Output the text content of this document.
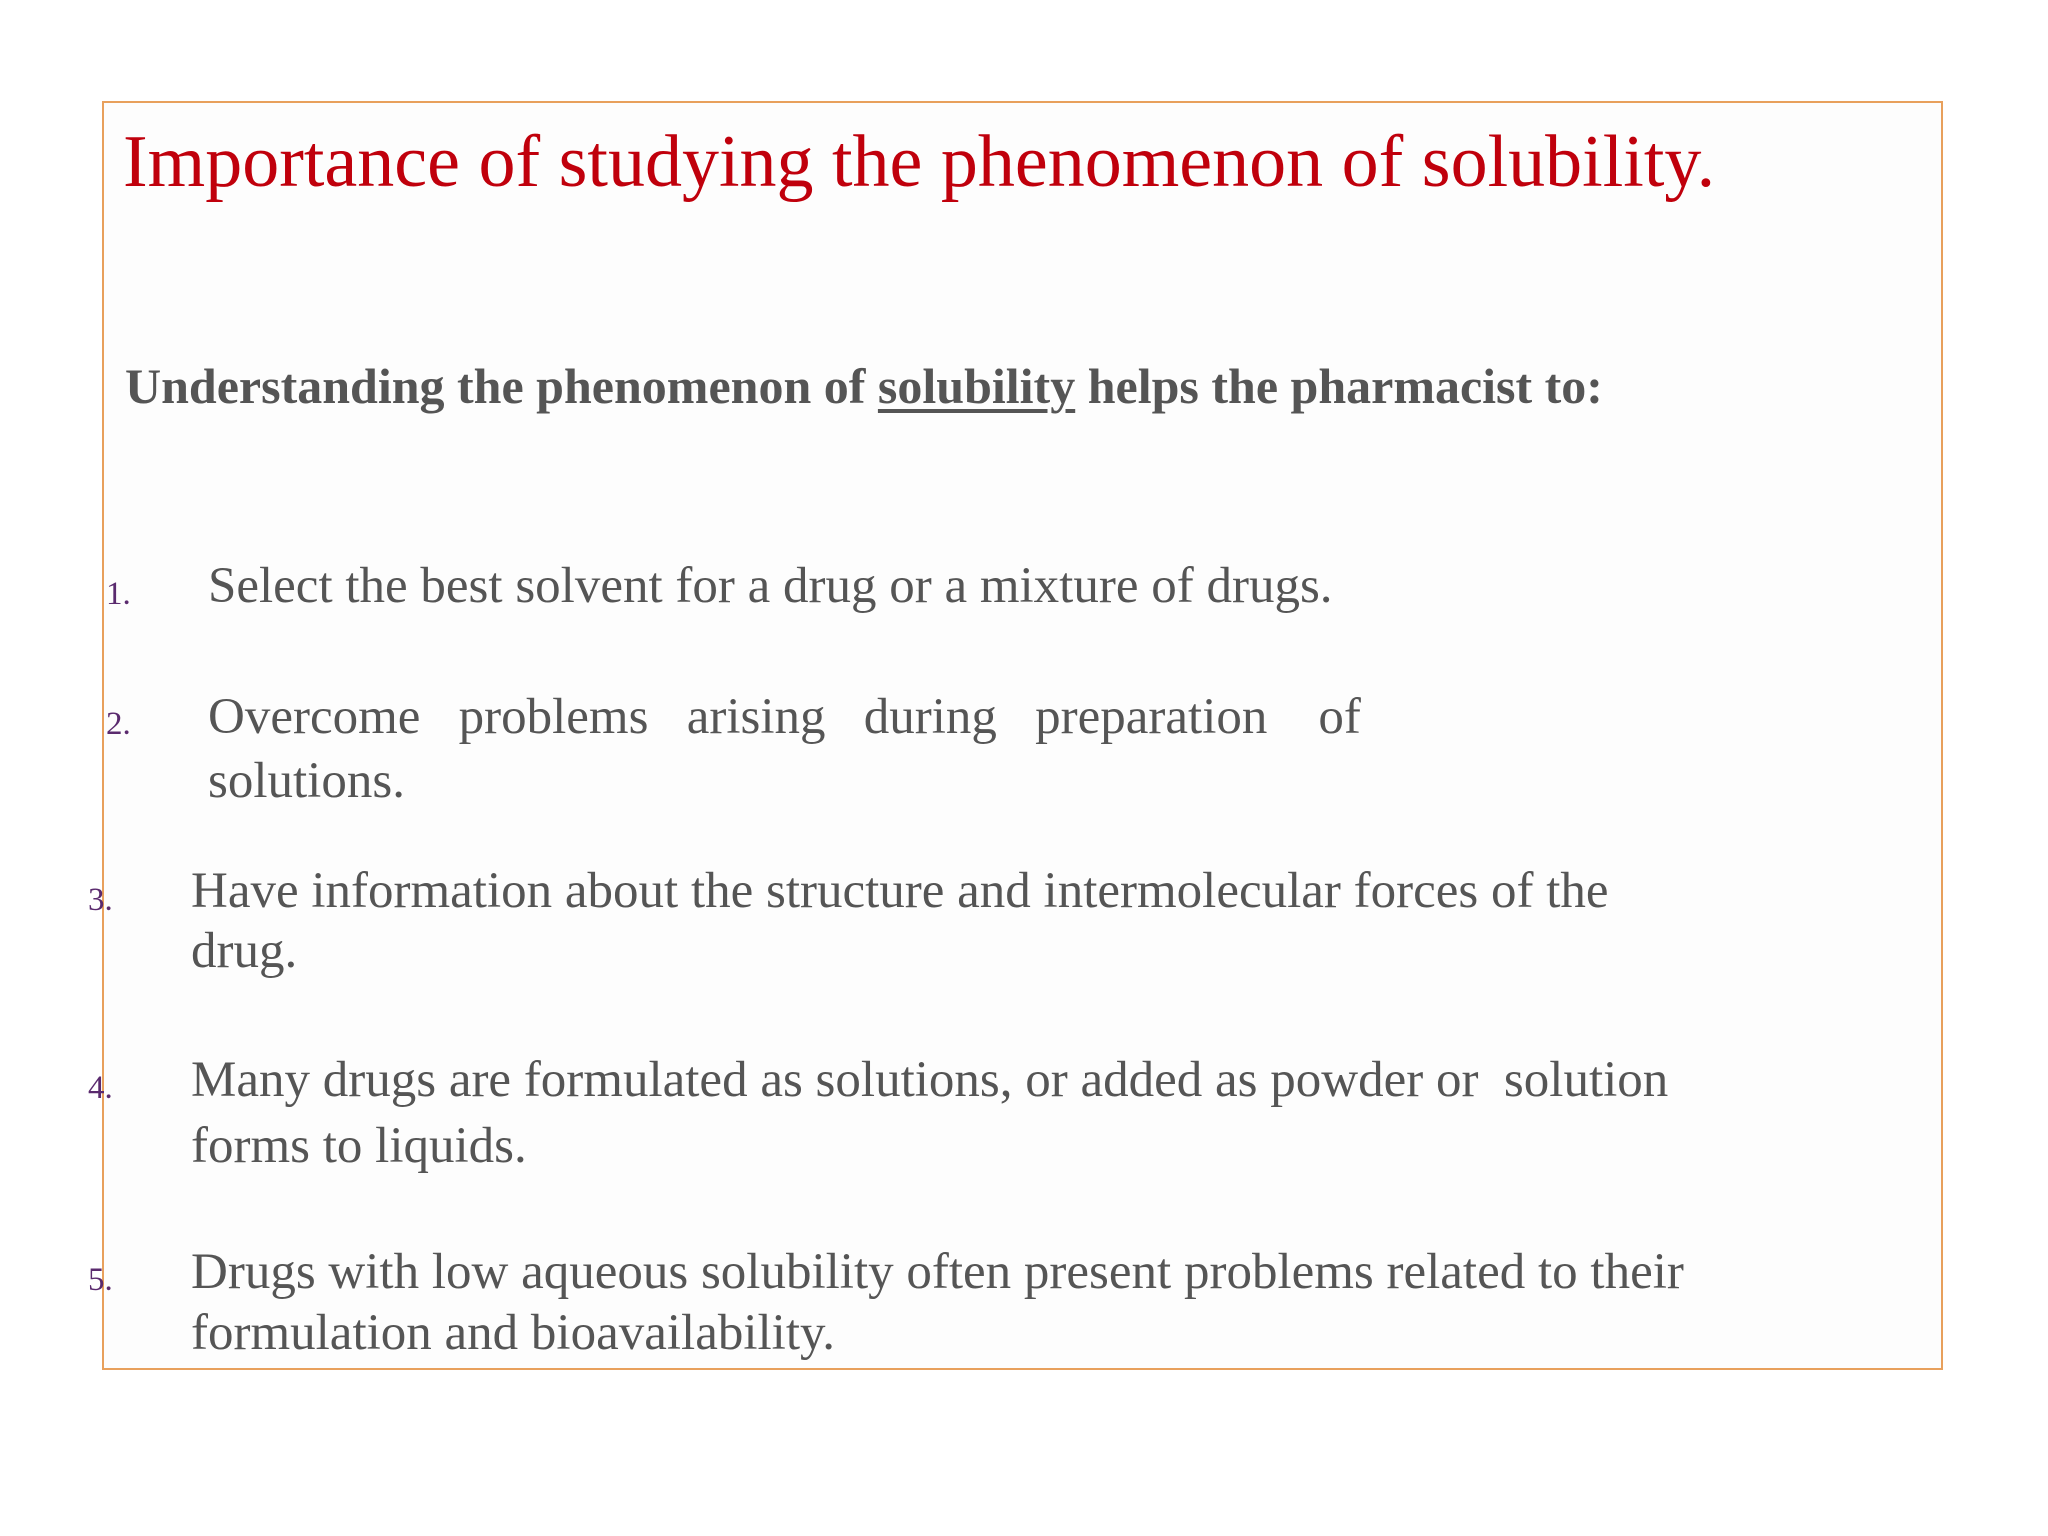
Importance of studying the phenomenon of solubility.

Understanding the phenomenon of solubility helps the pharmacist to:

1. Select the best solvent for a drug or a mixture of drugs.
2. Overcome   problems   arising   during   preparation    of
solutions.
3. Have information about the structure and intermolecular forces of the
drug.
4. Many drugs are formulated as solutions, or added as powder or  solution
forms to liquids.
5. Drugs with low aqueous solubility often present problems related to their
formulation and bioavailability.
